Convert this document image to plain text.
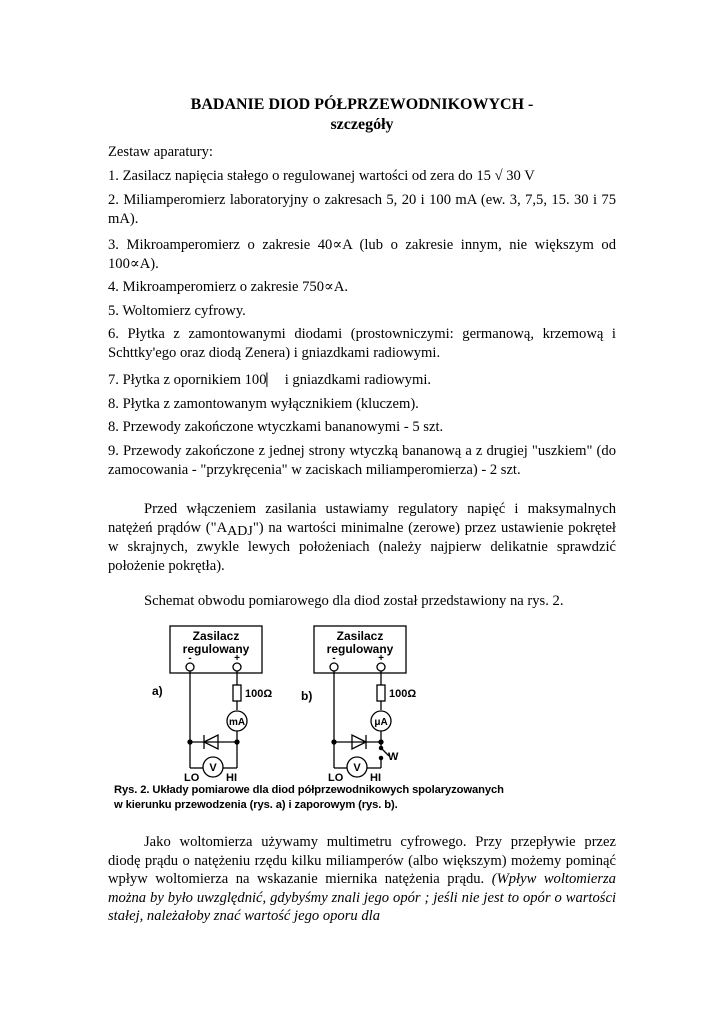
BADANIE DIOD PÓŁPRZEWODNIKOWYCH -
szczegóły
Zestaw aparatury:
1. Zasilacz napięcia stałego o regulowanej wartości od zera do 15 √ 30 V
2. Miliamperomierz laboratoryjny o zakresach 5, 20 i 100 mA (ew. 3, 7,5, 15. 30 i 75 mA).
3. Mikroamperomierz o zakresie 40∝A (lub o zakresie innym, nie większym od 100∝A).
4. Mikroamperomierz o zakresie 750∝A.
5. Woltomierz cyfrowy.
6. Płytka z zamontowanymi diodami (prostowniczymi: germanową, krzemową i Schttky'ego oraz diodą Zenera) i gniazdkami radiowymi.
7. Płytka z opornikiem 100⎸ i gniazdkami radiowymi.
8. Płytka z zamontowanym wyłącznikiem (kluczem).
8. Przewody zakończone wtyczkami bananowymi - 5 szt.
9. Przewody zakończone z jednej strony wtyczką bananową a z drugiej "uszkiem" (do zamocowania - "przykręcenia" w zaciskach miliamperomierza) - 2 szt.
Przed włączeniem zasilania ustawiamy regulatory napięć i maksymalnych natężeń prądów ("AADJ") na wartości minimalne (zerowe) przez ustawienie pokręteł w skrajnych, zwykle lewych położeniach (należy najpierw delikatnie sprawdzić położenie pokrętła).
Schemat obwodu pomiarowego dla diod został przedstawiony na rys. 2.
Zasilacz
regulowany
Zasilacz
regulowany
-	+	-	+
a)	b)
100Ω	100Ω
mA	μA
V	V
LO HI	LO HI
W
Rys. 2. Układy pomiarowe dla diod półprzewodnikowych spolaryzowanych
w kierunku przewodzenia (rys. a) i zaporowym (rys. b).
Jako woltomierza używamy multimetru cyfrowego. Przy przepływie przez diodę prądu o natężeniu rzędu kilku miliamperów (albo większym) możemy pominąć wpływ woltomierza na wskazanie miernika natężenia prądu. (Wpływ woltomierza można by było uwzględnić, gdybyśmy znali jego opór ; jeśli nie jest to opór o wartości stałej, należałoby znać wartość jego oporu dla
